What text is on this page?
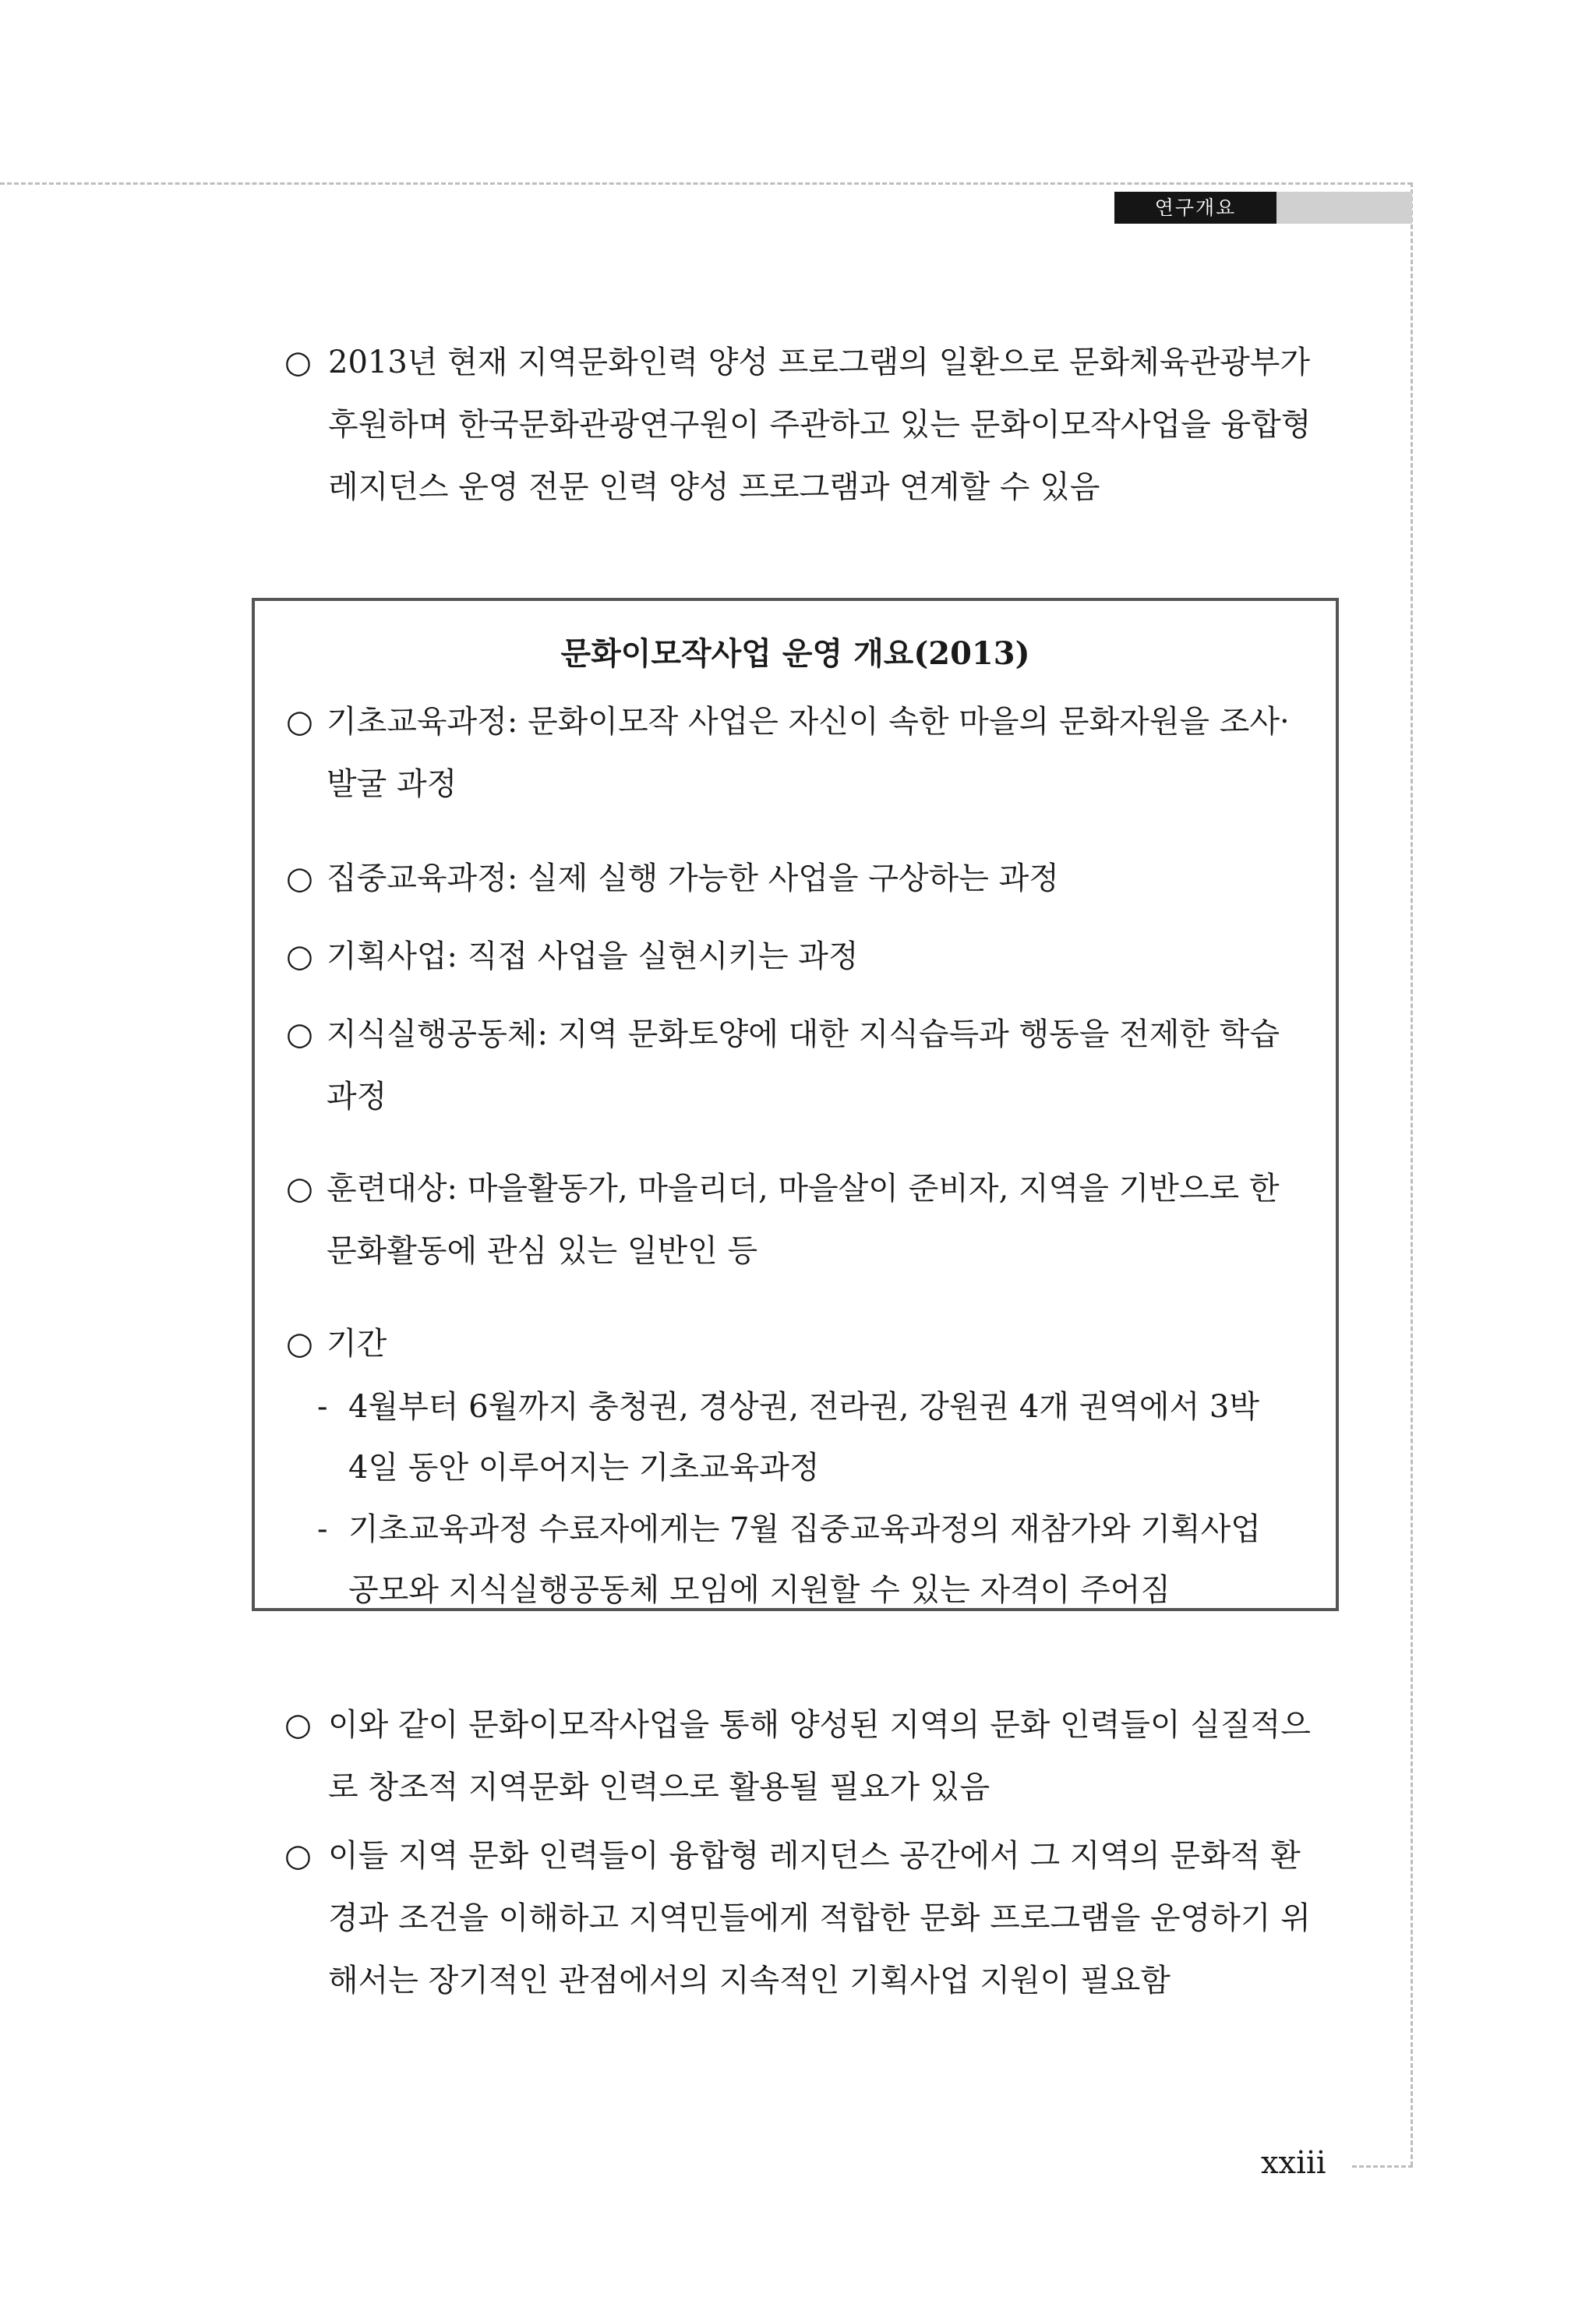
연구개요
○ 2013년 현재 지역문화인력 양성 프로그램의 일환으로 문화체육관광부가
후원하며 한국문화관광연구원이 주관하고 있는 문화이모작사업을 융합형
레지던스 운영 전문 인력 양성 프로그램과 연계할 수 있음
문화이모작사업 운영 개요(2013)
○ 기초교육과정: 문화이모작 사업은 자신이 속한 마을의 문화자원을 조사·
발굴 과정
○ 집중교육과정: 실제 실행 가능한 사업을 구상하는 과정
○ 기획사업: 직접 사업을 실현시키는 과정
○ 지식실행공동체: 지역 문화토양에 대한 지식습득과 행동을 전제한 학습
과정
○ 훈련대상: 마을활동가, 마을리더, 마을살이 준비자, 지역을 기반으로 한
문화활동에 관심 있는 일반인 등
○ 기간
- 4월부터 6월까지 충청권, 경상권, 전라권, 강원권 4개 권역에서 3박
4일 동안 이루어지는 기초교육과정
- 기초교육과정 수료자에게는 7월 집중교육과정의 재참가와 기획사업
공모와 지식실행공동체 모임에 지원할 수 있는 자격이 주어짐
○ 이와 같이 문화이모작사업을 통해 양성된 지역의 문화 인력들이 실질적으
로 창조적 지역문화 인력으로 활용될 필요가 있음
○ 이들 지역 문화 인력들이 융합형 레지던스 공간에서 그 지역의 문화적 환
경과 조건을 이해하고 지역민들에게 적합한 문화 프로그램을 운영하기 위
해서는 장기적인 관점에서의 지속적인 기획사업 지원이 필요함
xxiii
